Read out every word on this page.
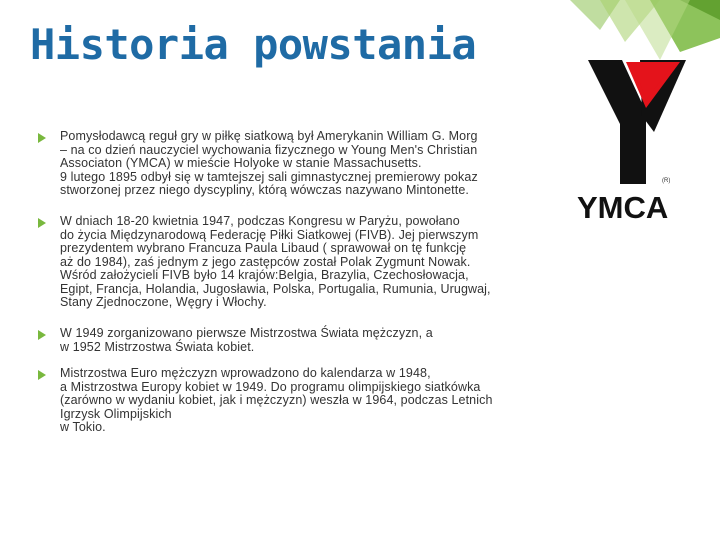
Historia powstania
(R)
YMCA
Pomysłodawcą reguł gry w piłkę siatkową był Amerykanin William G. Morg
– na co dzień nauczyciel wychowania fizycznego w Young Men's Christian
Associaton (YMCA) w mieście Holyoke w stanie Massachusetts.
9 lutego 1895 odbył się w tamtejszej sali gimnastycznej premierowy pokaz
stworzonej przez niego dyscypliny, którą wówczas nazywano Mintonette.
W dniach 18-20 kwietnia 1947, podczas Kongresu w Paryżu, powołano
do życia Międzynarodową Federację Piłki Siatkowej (FIVB). Jej pierwszym
prezydentem wybrano Francuza Paula Libaud ( sprawował on tę funkcję
aż do 1984), zaś jednym z jego zastępców został Polak Zygmunt Nowak.
Wśród założycieli FIVB było 14 krajów:Belgia, Brazylia, Czechosłowacja,
Egipt, Francja, Holandia, Jugosławia, Polska, Portugalia, Rumunia, Urugwaj,
Stany Zjednoczone, Węgry i Włochy.
W 1949 zorganizowano pierwsze Mistrzostwa Świata mężczyzn, a
w 1952 Mistrzostwa Świata kobiet.
Mistrzostwa Euro mężczyzn wprowadzono do kalendarza w 1948,
a Mistrzostwa Europy kobiet w 1949. Do programu olimpijskiego siatkówka
(zarówno w wydaniu kobiet, jak i mężczyzn) weszła w 1964, podczas Letnich
Igrzysk Olimpijskich
w Tokio.
